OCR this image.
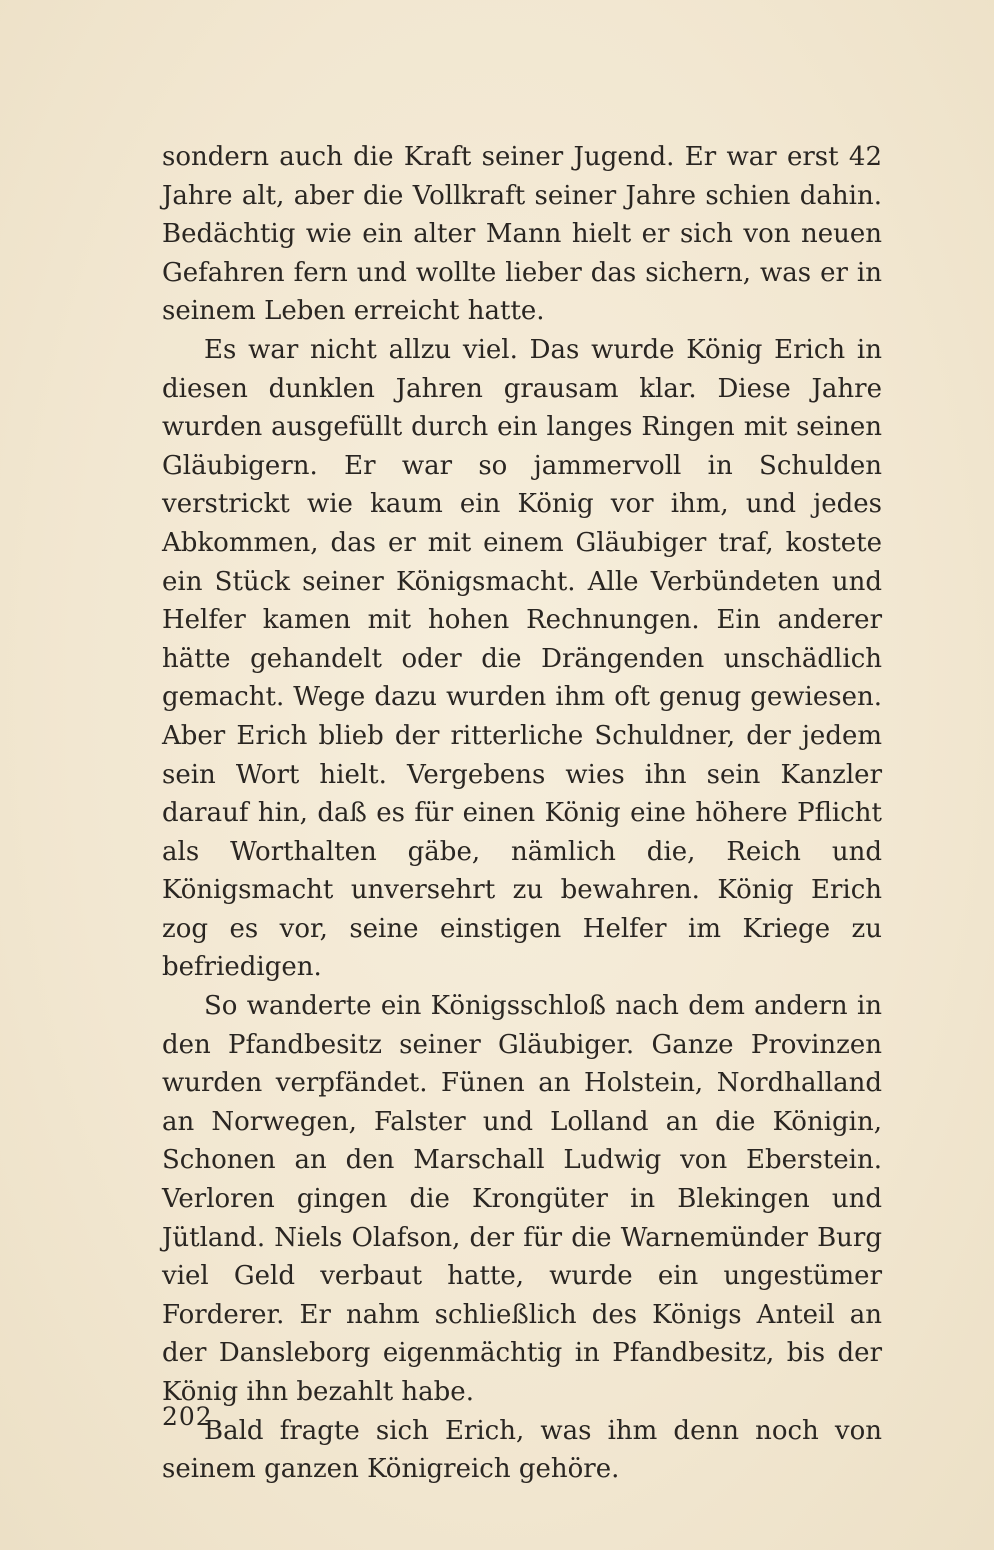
sondern auch die Kraft seiner Jugend. Er war erst 42 Jahre alt, aber die Vollkraft seiner Jahre schien dahin. Bedächtig wie ein alter Mann hielt er sich von neuen Gefahren fern und wollte lieber das sichern, was er in seinem Leben erreicht hatte.

Es war nicht allzu viel. Das wurde König Erich in diesen dunklen Jahren grausam klar. Diese Jahre wurden ausgefüllt durch ein langes Ringen mit seinen Gläubigern. Er war so jammervoll in Schulden verstrickt wie kaum ein König vor ihm, und jedes Abkommen, das er mit einem Gläubiger traf, kostete ein Stück seiner Königsmacht. Alle Verbündeten und Helfer kamen mit hohen Rechnungen. Ein anderer hätte gehandelt oder die Drängenden unschädlich gemacht. Wege dazu wurden ihm oft genug gewiesen. Aber Erich blieb der ritterliche Schuldner, der jedem sein Wort hielt. Vergebens wies ihn sein Kanzler darauf hin, daß es für einen König eine höhere Pflicht als Worthalten gäbe, nämlich die, Reich und Königsmacht unversehrt zu bewahren. König Erich zog es vor, seine einstigen Helfer im Kriege zu befriedigen.

So wanderte ein Königsschloß nach dem andern in den Pfandbesitz seiner Gläubiger. Ganze Provinzen wurden verpfändet. Fünen an Holstein, Nordhalland an Norwegen, Falster und Lolland an die Königin, Schonen an den Marschall Ludwig von Eberstein. Verloren gingen die Krongüter in Blekingen und Jütland. Niels Olafson, der für die Warnemünder Burg viel Geld verbaut hatte, wurde ein ungestümer Forderer. Er nahm schließlich des Königs Anteil an der Dansleborg eigenmächtig in Pfandbesitz, bis der König ihn bezahlt habe.

Bald fragte sich Erich, was ihm denn noch von seinem ganzen Königreich gehöre.

202
